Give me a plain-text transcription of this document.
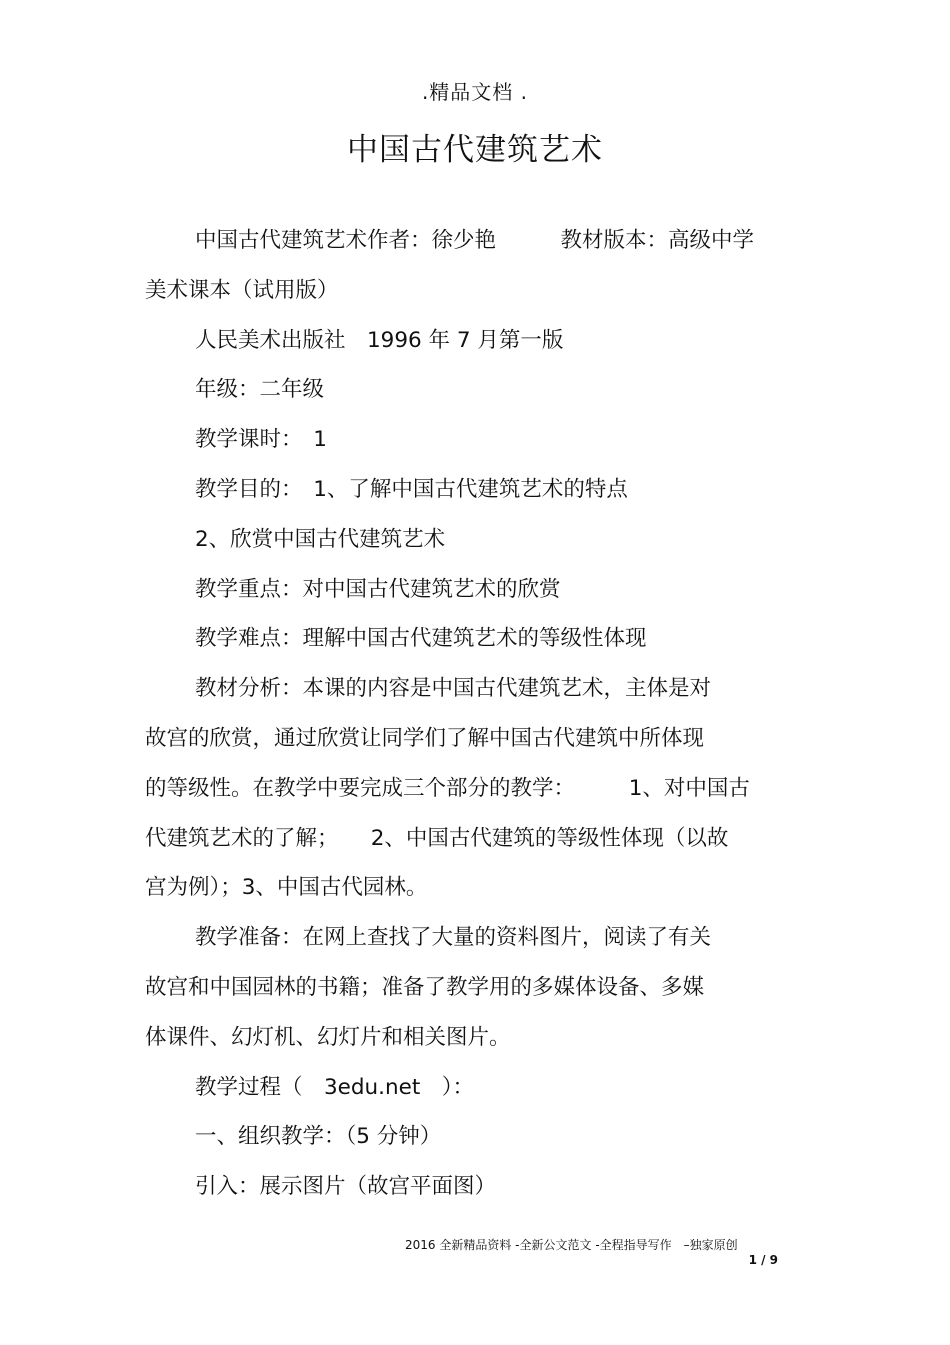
.精品文档 .
中国古代建筑艺术
中国古代建筑艺术作者：徐少艳　　　教材版本：高级中学
美术课本（试用版）
人民美术出版社　1996 年 7 月第一版
年级：二年级
教学课时：　1
教学目的：　1、了解中国古代建筑艺术的特点
2、欣赏中国古代建筑艺术
教学重点：对中国古代建筑艺术的欣赏
教学难点：理解中国古代建筑艺术的等级性体现
教材分析：本课的内容是中国古代建筑艺术，主体是对
故宫的欣赏，通过欣赏让同学们了解中国古代建筑中所体现
的等级性。在教学中要完成三个部分的教学：　　　1、对中国古
代建筑艺术的了解；　　2、中国古代建筑的等级性体现（以故
宫为例）；3、中国古代园林。
教学准备：在网上查找了大量的资料图片，阅读了有关
故宫和中国园林的书籍；准备了教学用的多媒体设备、多媒
体课件、幻灯机、幻灯片和相关图片。
教学过程（　3edu.net　）：
一、组织教学：（5 分钟）
引入：展示图片（故宫平面图）
2016 全新精品资料 -全新公文范文 -全程指导写作　–独家原创
1 / 9
